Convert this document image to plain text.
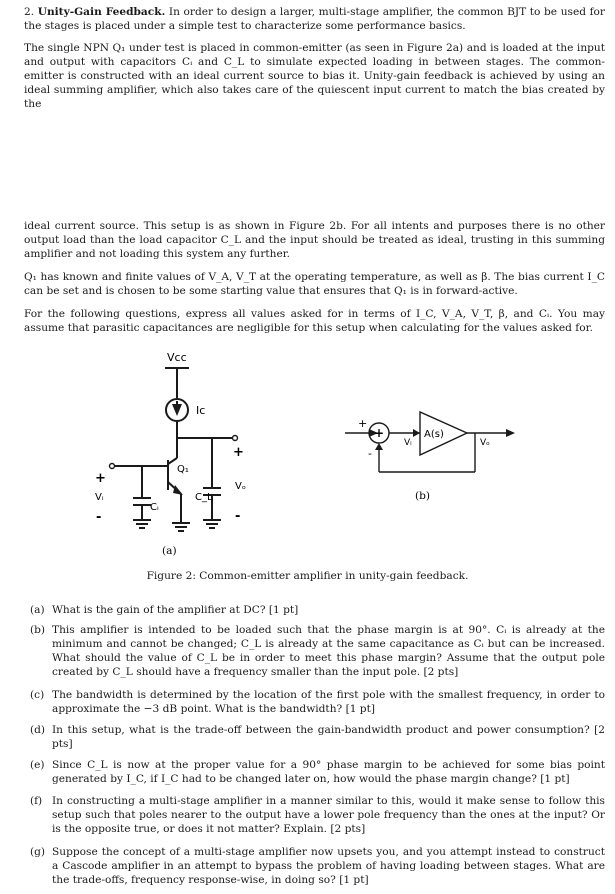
2. Unity-Gain Feedback. In order to design a larger, multi-stage amplifier, the common BJT to be used for the stages is placed under a simple test to characterize some performance basics.

The single NPN Q₁ under test is placed in common-emitter (as seen in Figure 2a) and is loaded at the input and output with capacitors Cᵢ and C_L to simulate expected loading in between stages. The common-emitter is constructed with an ideal current source to bias it. Unity-gain feedback is achieved by using an ideal summing amplifier, which also takes care of the quiescent input current to match the bias created by the

ideal current source. This setup is as shown in Figure 2b. For all intents and purposes there is no other output load than the load capacitor C_L and the input should be treated as ideal, trusting in this summing amplifier and not loading this system any further.

Q₁ has known and finite values of V_A, V_T at the operating temperature, as well as β. The bias current I_C can be set and is chosen to be some starting value that ensures that Q₁ is in forward-active.

For the following questions, express all values asked for in terms of I_C, V_A, V_T, β, and Cᵢ. You may assume that parasitic capacitances are negligible for this setup when calculating for the values asked for.

Vcc
Ic
Q₁
Cᵢ
C_L
Vₒ
Vᵢ
+
-
+
-
(a)
+
+
-
A(s)
Vᵢ	Vₒ
(b)
Figure 2: Common-emitter amplifier in unity-gain feedback.
(a) What is the gain of the amplifier at DC? [1 pt]
(b) This amplifier is intended to be loaded such that the phase margin is at 90°. Cᵢ is already at the minimum and cannot be changed; C_L is already at the same capacitance as Cᵢ but can be increased. What should the value of C_L be in order to meet this phase margin? Assume that the output pole created by C_L should have a frequency smaller than the input pole. [2 pts]
(c) The bandwidth is determined by the location of the first pole with the smallest frequency, in order to approximate the −3 dB point. What is the bandwidth? [1 pt]
(d) In this setup, what is the trade-off between the gain-bandwidth product and power consumption? [2 pts]
(e) Since C_L is now at the proper value for a 90° phase margin to be achieved for some bias point generated by I_C, if I_C had to be changed later on, how would the phase margin change? [1 pt]
(f) In constructing a multi-stage amplifier in a manner similar to this, would it make sense to follow this setup such that poles nearer to the output have a lower pole frequency than the ones at the input? Or is the opposite true, or does it not matter? Explain. [2 pts]
(g) Suppose the concept of a multi-stage amplifier now upsets you, and you attempt instead to construct a Cascode amplifier in an attempt to bypass the problem of having loading between stages. What are the trade-offs, frequency response-wise, in doing so? [1 pt]
